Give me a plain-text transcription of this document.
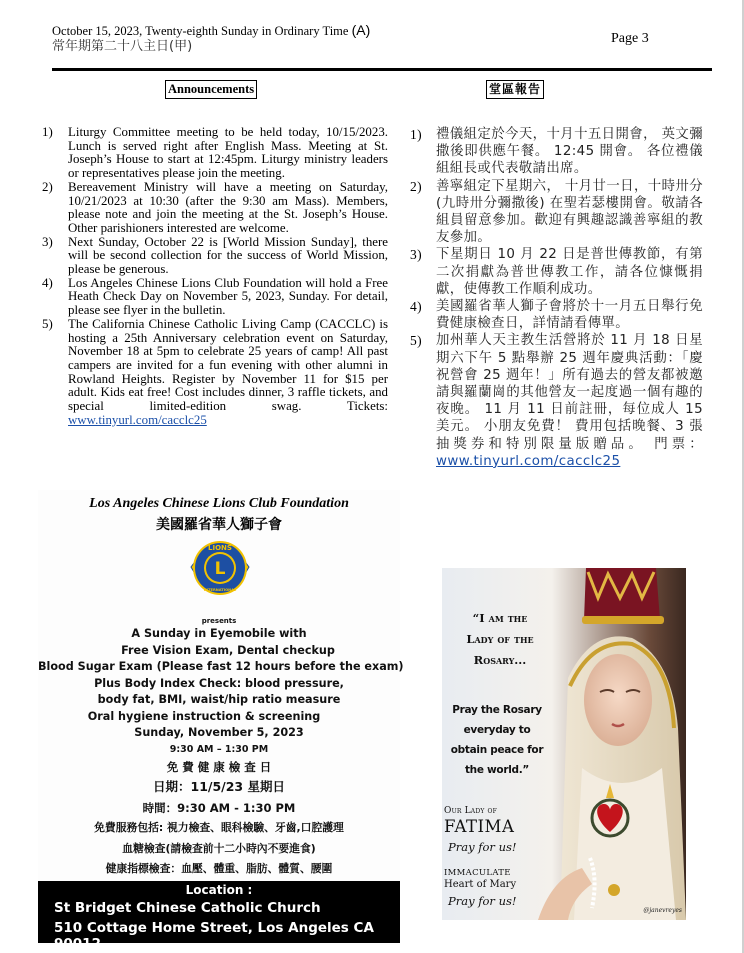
October 15, 2023, Twenty-eighth Sunday in Ordinary Time (A)
常年期第二十八主日(甲)
Page 3
Announcements	堂區報告
1) Liturgy Committee meeting to be held today, 10/15/2023. Lunch is served right after English Mass. Meeting at St. Joseph’s House to start at 12:45pm. Liturgy ministry leaders or representatives please join the meeting.
2) Bereavement Ministry will have a meeting on Saturday, 10/21/2023 at 10:30 (after the 9:30 am Mass). Members, please note and join the meeting at the St. Joseph’s House. Other parishioners interested are welcome.
3) Next Sunday, October 22 is [World Mission Sunday], there will be second collection for the success of World Mission, please be generous.
4) Los Angeles Chinese Lions Club Foundation will hold a Free Heath Check Day on November 5, 2023, Sunday. For detail, please see flyer in the bulletin.
5) The California Chinese Catholic Living Camp (CACCLC) is hosting a 25th Anniversary celebration event on Saturday, November 18 at 5pm to celebrate 25 years of camp! All past campers are invited for a fun evening with other alumni in Rowland Heights. Register by November 11 for $15 per adult. Kids eat free! Cost includes dinner, 3 raffle tickets, and special limited-edition swag. Tickets: www.tinyurl.com/cacclc25
1) 禮儀組定於今天，十月十五日開會， 英文彌撒後即供應午餐。 12:45 開會。 各位禮儀組組長或代表敬請出席。
2) 善寧組定下星期六， 十月廿一日，十時卅分(九時卅分彌撒後) 在聖若瑟樓開會。敬請各組員留意參加。歡迎有興趣認識善寧組的教友參加。
3) 下星期日 10 月 22 日是普世傳教節，有第二次捐獻為普世傳教工作，請各位慷慨捐獻，使傳教工作順利成功。
4) 美國羅省華人獅子會將於十一月五日舉行免費健康檢查日，詳情請看傳單。
5) 加州華人天主教生活營將於 11 月 18 日星期六下午 5 點舉辦 25 週年慶典活動：「慶祝營會 25 週年！」所有過去的營友都被邀請與羅蘭崗的其他營友一起度過一個有趣的夜晚。 11 月 11 日前註冊，每位成人 15 美元。 小朋友免費！ 費用包括晚餐、3 張抽獎券和特別限量版贈品。 門票：www.tinyurl.com/cacclc25
Los Angeles Chinese Lions Club Foundation
美國羅省華人獅子會
L
LIONS
INTERNATIONAL
presents
A Sunday in Eyemobile with
Free Vision Exam, Dental checkup
Blood Sugar Exam (Please fast 12 hours before the exam)
Plus Body Index Check: blood pressure,
body fat, BMI, waist/hip ratio measure
Oral hygiene instruction & screening
Sunday, November 5, 2023
9:30 AM – 1:30 PM
免 費 健 康 檢 查 日
日期：11/5/23 星期日
時間：9:30 AM - 1:30 PM
免費服務包括: 視力檢查、眼科檢驗、牙齒,口腔護理
血糖檢查(請檢查前十二小時內不要進食)
健康指標檢查：血壓、體重、脂肪、體質、腰圍
Location :
St Bridget Chinese Catholic Church
510 Cottage Home Street, Los Angeles CA 90012
“I am the
Lady of the
Rosary...
Pray the Rosary
everyday to
obtain peace for
the world.”
Our Lady of
FATIMA
Pray for us!
IMMACULATE
Heart of Mary
Pray for us!
@janevreyes
